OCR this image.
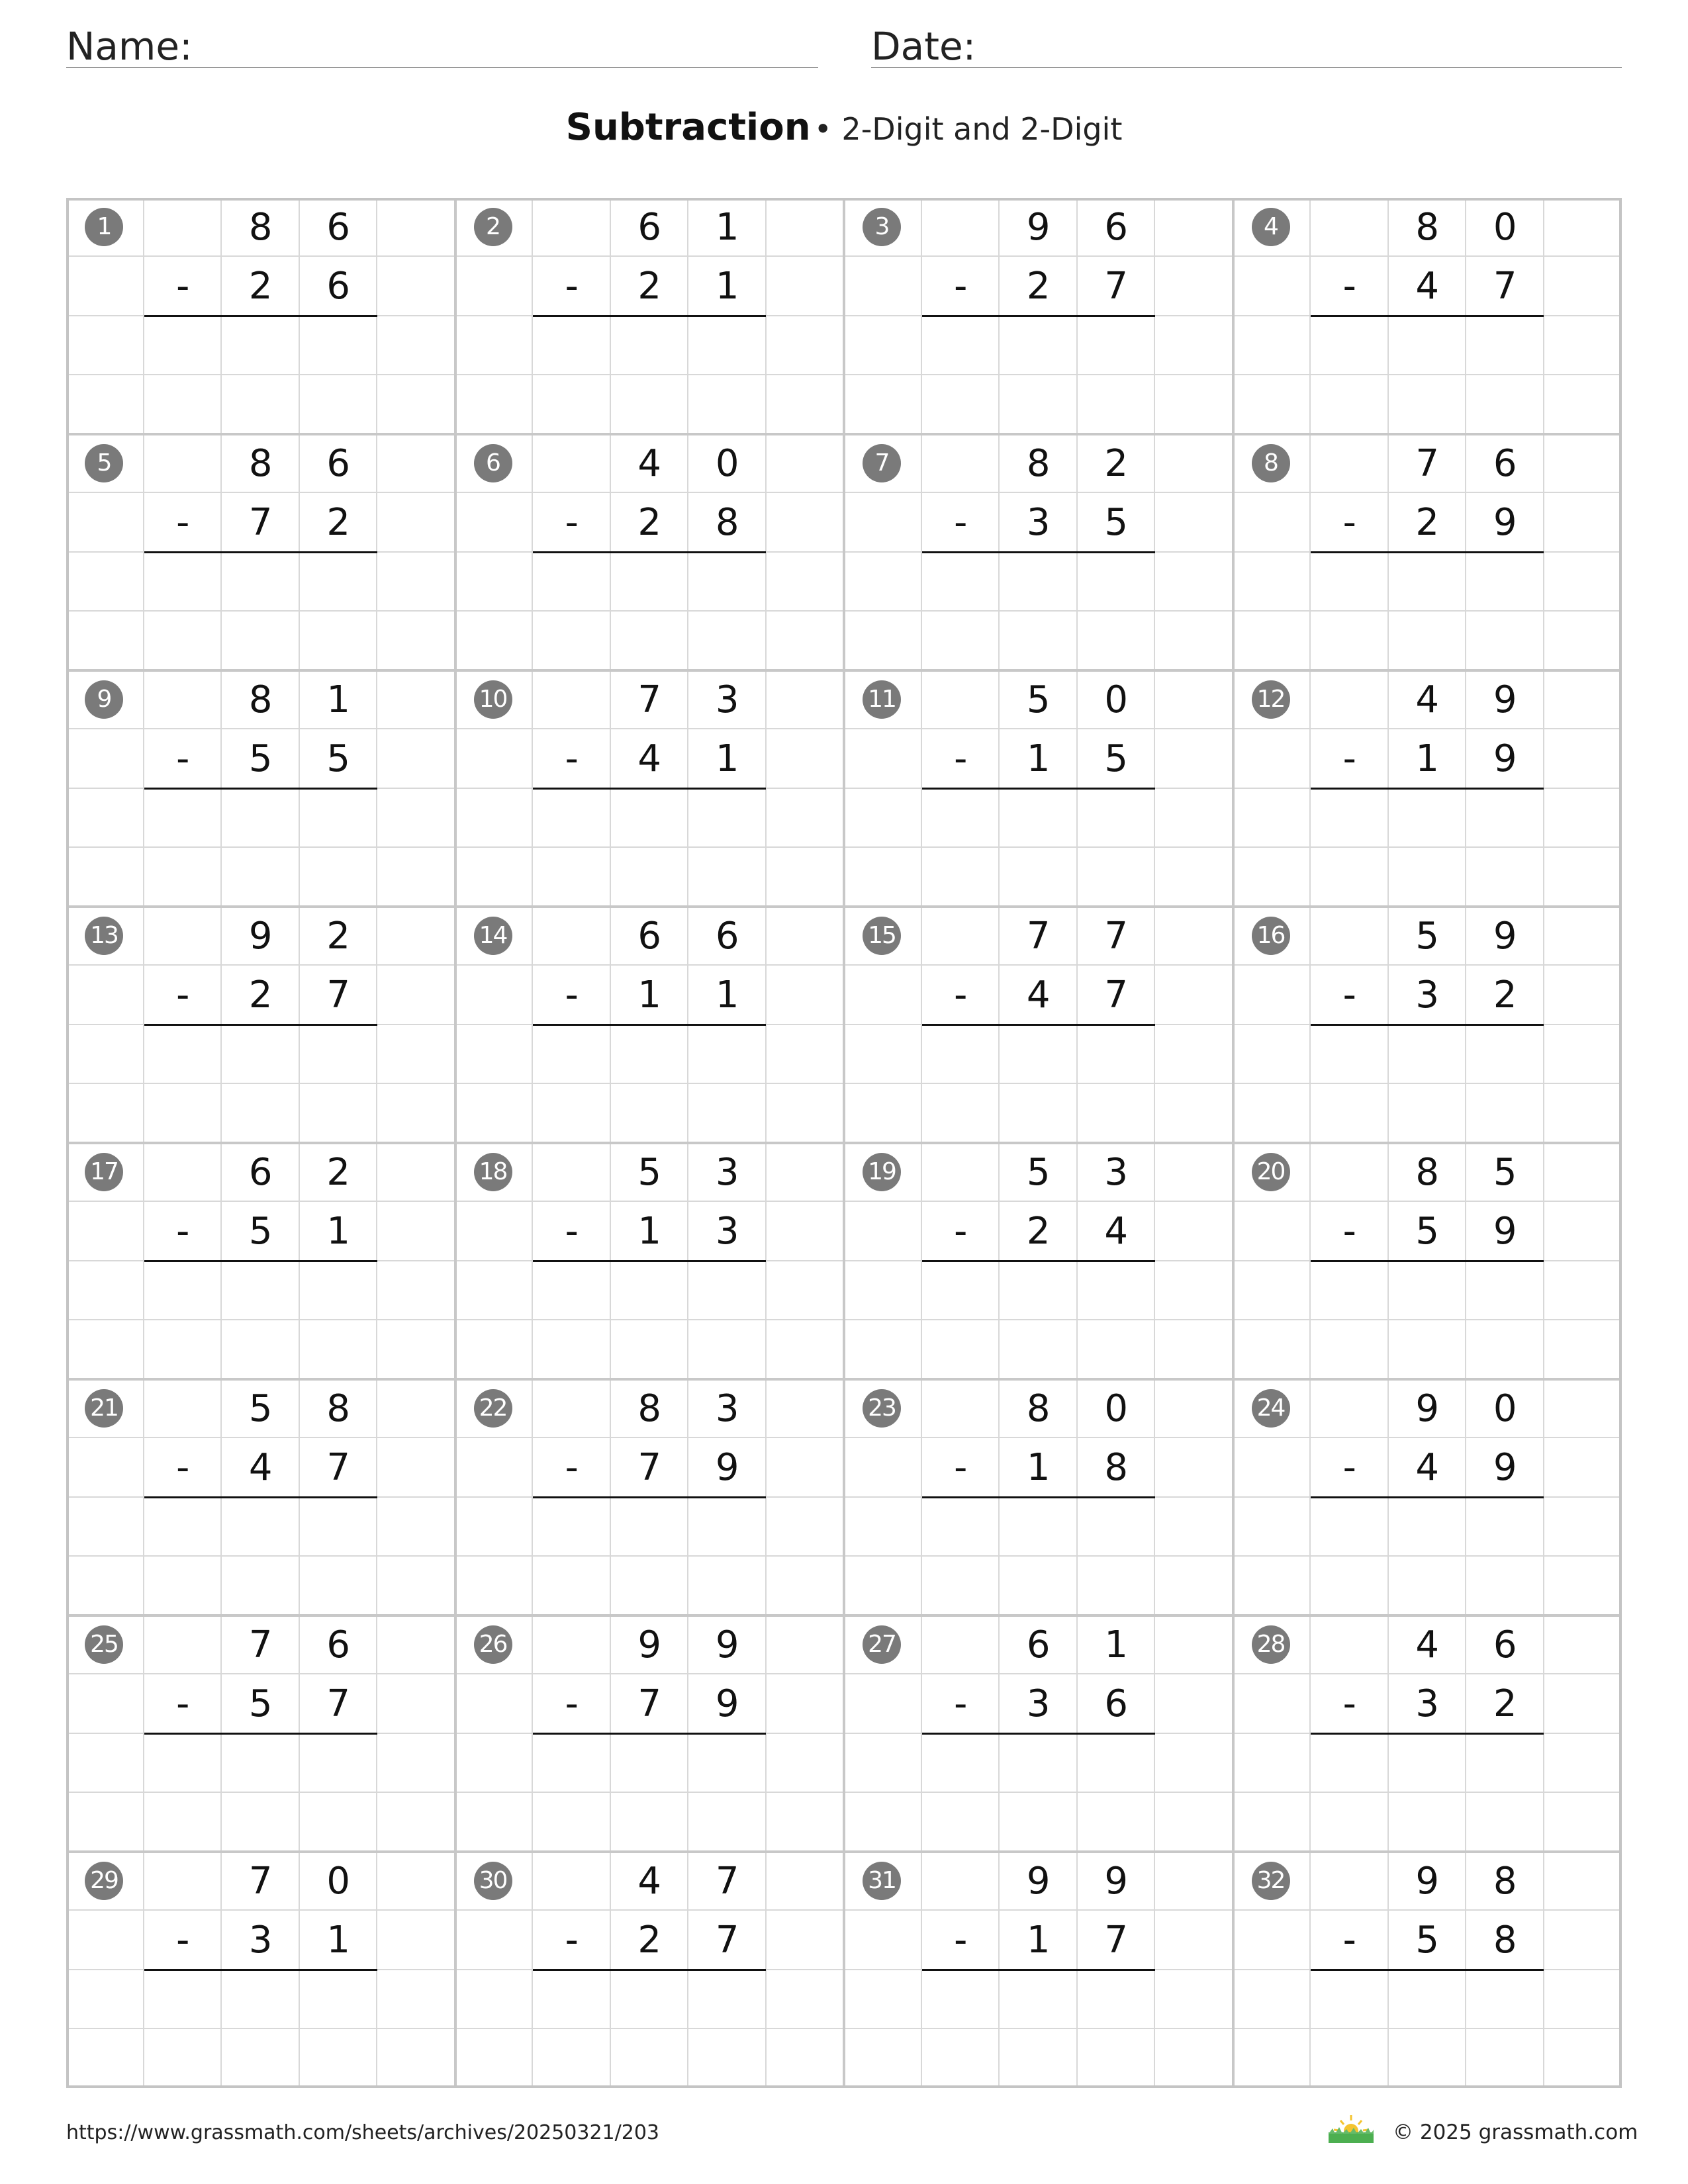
Name:	Date:
Subtraction • 2-Digit and 2-Digit
1	8	6
-	2	6
2	6	1
-	2	1
3	9	6
-	2	7
4	8	0
-	4	7
5	8	6
-	7	2
6	4	0
-	2	8
7	8	2
-	3	5
8	7	6
-	2	9
9	8	1
-	5	5
10	7	3
-	4	1
11	5	0
-	1	5
12	4	9
-	1	9
13	9	2
-	2	7
14	6	6
-	1	1
15	7	7
-	4	7
16	5	9
-	3	2
17	6	2
-	5	1
18	5	3
-	1	3
19	5	3
-	2	4
20	8	5
-	5	9
21	5	8
-	4	7
22	8	3
-	7	9
23	8	0
-	1	8
24	9	0
-	4	9
25	7	6
-	5	7
26	9	9
-	7	9
27	6	1
-	3	6
28	4	6
-	3	2
29	7	0
-	3	1
30	4	7
-	2	7
31	9	9
-	1	7
32	9	8
-	5	8
https://www.grassmath.com/sheets/archives/20250321/203	© 2025 grassmath.com
